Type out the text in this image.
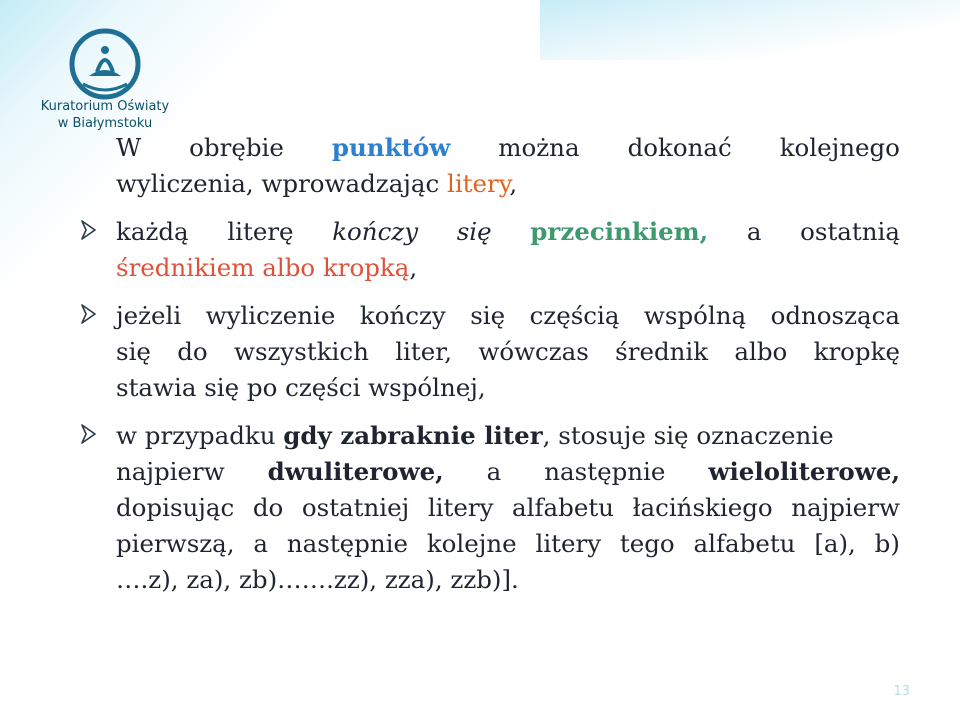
Kuratorium Oświaty
w Białymstoku
W obrębie punktów można dokonać kolejnego
wyliczenia, wprowadzając litery,
każdą literę kończy się przecinkiem, a ostatnią
średnikiem albo kropką,
jeżeli wyliczenie kończy się częścią wspólną odnosząca
się do wszystkich liter, wówczas średnik albo kropkę
stawia się po części wspólnej,
w przypadku gdy zabraknie liter, stosuje się oznaczenie
najpierw dwuliterowe, a następnie wieloliterowe,
dopisując do ostatniej litery alfabetu łacińskiego najpierw
pierwszą, a następnie kolejne litery tego alfabetu [a), b)
….z), za), zb)…….zz), zza), zzb)].
13
